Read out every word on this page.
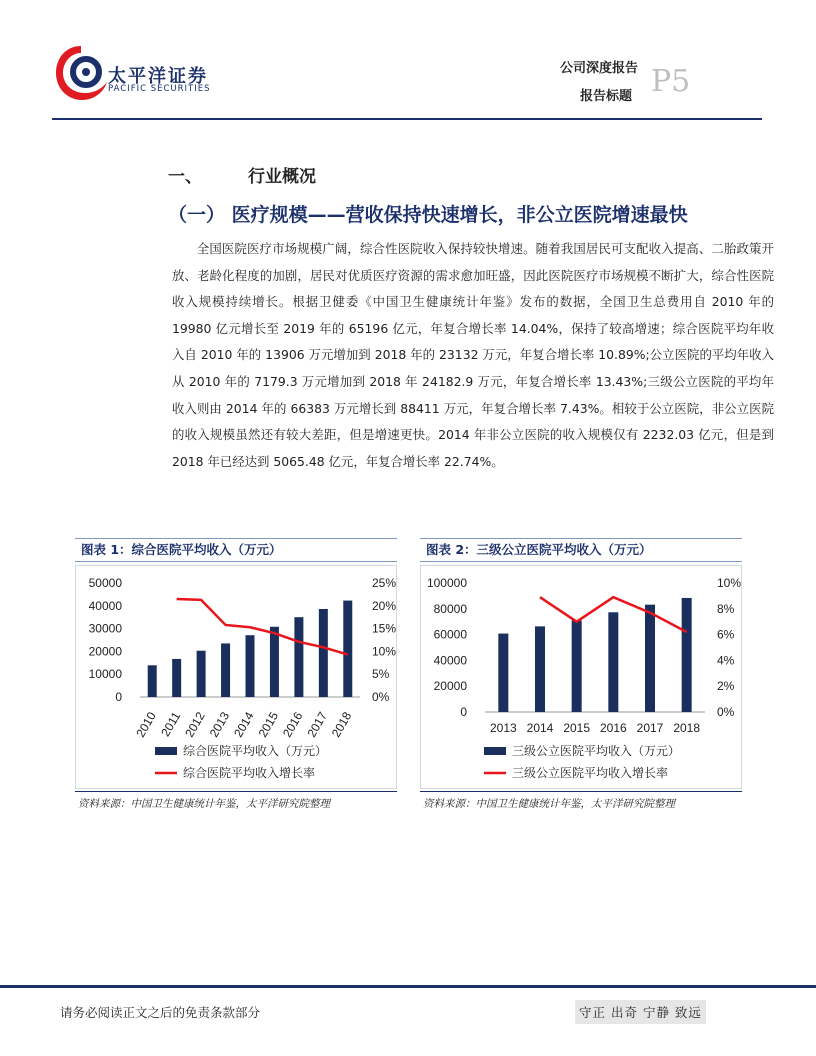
太平洋证券
PACIFIC SECURITIES
公司深度报告
报告标题 P5
一、	行业概况
（一） 医疗规模——营收保持快速增长，非公立医院增速最快

全国医院医疗市场规模广阔，综合性医院收入保持较快增速。随着我国居民可支配收入提高、二胎政策开放、老龄化程度的加剧，居民对优质医疗资源的需求愈加旺盛，因此医院医疗市场规模不断扩大，综合性医院收入规模持续增长。根据卫健委《中国卫生健康统计年鉴》发布的数据，全国卫生总费用自 2010 年的 19980 亿元增长至 2019 年的 65196 亿元，年复合增长率 14.04%，保持了较高增速；综合医院平均年收入自 2010 年的 13906 万元增加到 2018 年的 23132 万元，年复合增长率 10.89%;公立医院的平均年收入从 2010 年的 7179.3 万元增加到 2018 年 24182.9 万元，年复合增长率 13.43%;三级公立医院的平均年收入则由 2014 年的 66383 万元增长到 88411 万元，年复合增长率 7.43%。相较于公立医院，非公立医院的收入规模虽然还有较大差距，但是增速更快。2014 年非公立医院的收入规模仅有 2232.03 亿元，但是到 2018 年已经达到 5065.48 亿元，年复合增长率 22.74%。

图表 1：综合医院平均收入（万元）
0
10000
20000
30000
40000
50000
0%
5%
10%
15%
20%
25%
2010 2011
2012
2013
2014
2015
2016
2017
2018
综合医院平均收入（万元）
综合医院平均收入增长率
资料来源：中国卫生健康统计年鉴，太平洋研究院整理
图表 2：三级公立医院平均收入（万元）
0
20000
40000
60000
80000
100000
0%
2%
4%
6%
8%
10%
2013 2014 2015 2016 2017 2018
三级公立医院平均收入（万元）
三级公立医院平均收入增长率
资料来源：中国卫生健康统计年鉴，太平洋研究院整理
请务必阅读正文之后的免责条款部分	守正 出奇 宁静 致远
